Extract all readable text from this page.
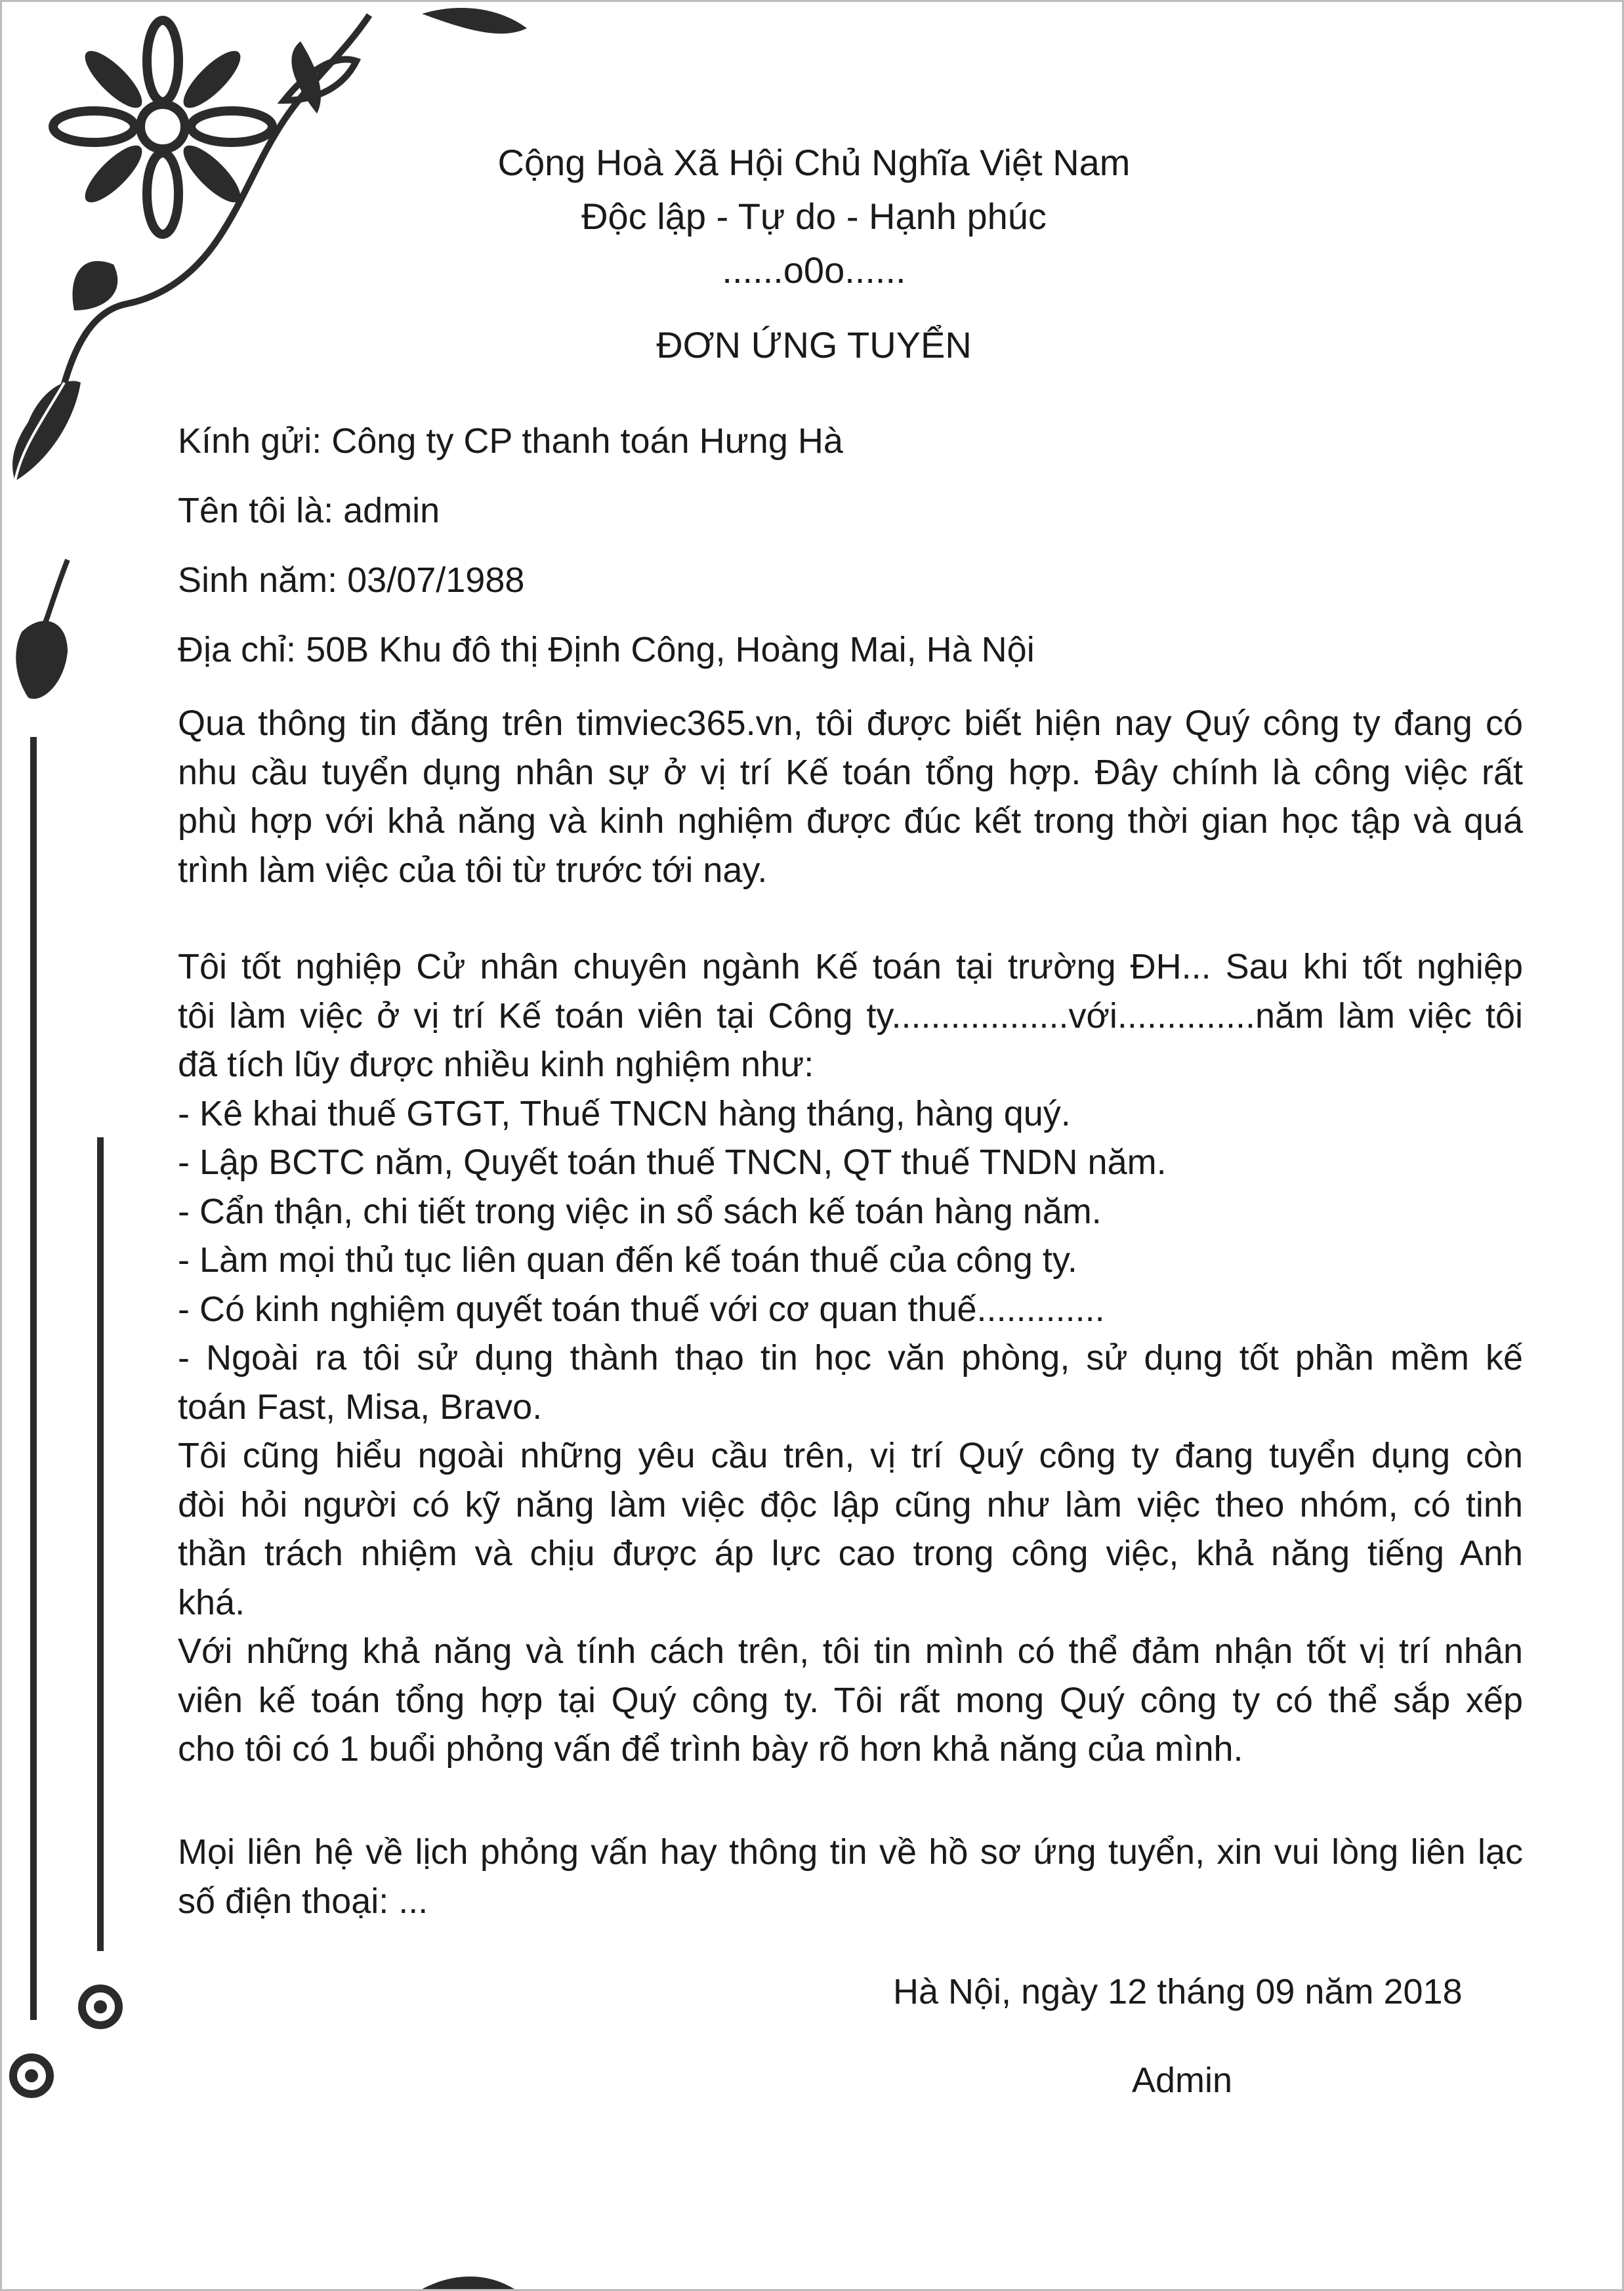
Cộng Hoà Xã Hội Chủ Nghĩa Việt Nam
Độc lập - Tự do - Hạnh phúc
......o0o......
ĐƠN ỨNG TUYỂN
Kính gửi: Công ty CP thanh toán Hưng Hà
Tên tôi là: admin
Sinh năm: 03/07/1988
Địa chỉ: 50B Khu đô thị Định Công, Hoàng Mai, Hà Nội
Qua thông tin đăng trên timviec365.vn, tôi được biết hiện nay Quý công ty đang có
nhu cầu tuyển dụng nhân sự ở vị trí Kế toán tổng hợp. Đây chính là công việc rất
phù hợp với khả năng và kinh nghiệm được đúc kết trong thời gian học tập và quá
trình làm việc của tôi từ trước tới nay.
Tôi tốt nghiệp Cử nhân chuyên ngành Kế toán tại trường ĐH... Sau khi tốt nghiệp
tôi làm việc ở vị trí Kế toán viên tại Công ty..................với..............năm làm việc tôi
đã tích lũy được nhiều kinh nghiệm như:
- Kê khai thuế GTGT, Thuế TNCN hàng tháng, hàng quý.
- Lập BCTC năm, Quyết toán thuế TNCN, QT thuế TNDN năm.
- Cẩn thận, chi tiết trong việc in sổ sách kế toán hàng năm.
- Làm mọi thủ tục liên quan đến kế toán thuế của công ty.
- Có kinh nghiệm quyết toán thuế với cơ quan thuế.............
- Ngoài ra tôi sử dụng thành thạo tin học văn phòng, sử dụng tốt phần mềm kế
toán Fast, Misa, Bravo.
Tôi cũng hiểu ngoài những yêu cầu trên, vị trí Quý công ty đang tuyển dụng còn
đòi hỏi người có kỹ năng làm việc độc lập cũng như làm việc theo nhóm, có tinh
thần trách nhiệm và chịu được áp lực cao trong công việc, khả năng tiếng Anh
khá.
Với những khả năng và tính cách trên, tôi tin mình có thể đảm nhận tốt vị trí nhân
viên kế toán tổng hợp tại Quý công ty. Tôi rất mong Quý công ty có thể sắp xếp
cho tôi có 1 buổi phỏng vấn để trình bày rõ hơn khả năng của mình.
Mọi liên hệ về lịch phỏng vấn hay thông tin về hồ sơ ứng tuyển, xin vui lòng liên lạc
số điện thoại: ...
Hà Nội, ngày 12 tháng 09 năm 2018
Admin
